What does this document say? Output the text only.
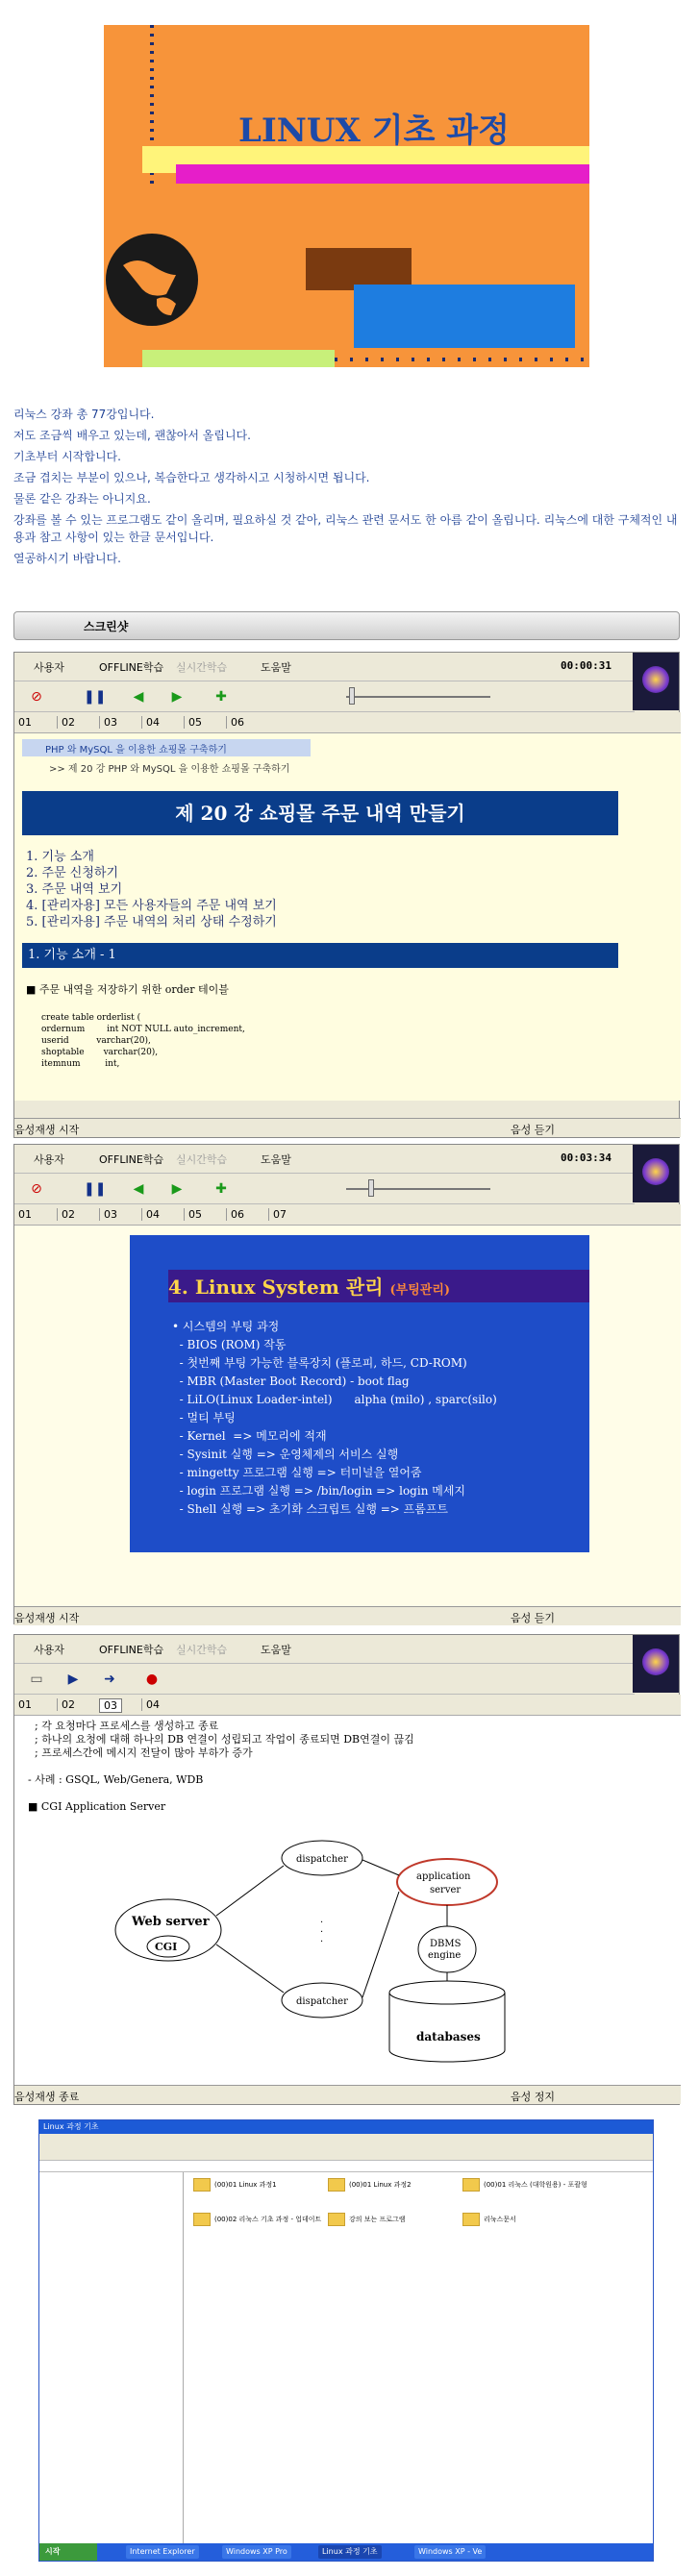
LINUX 기초 과정

리눅스 강좌 총 77강입니다.

저도 조금씩 배우고 있는데, 괜찮아서 올립니다.

기초부터 시작합니다.

조금 겹치는 부분이 있으나, 복습한다고 생각하시고 시청하시면 됩니다.

물론 같은 강좌는 아니지요.

강좌를 볼 수 있는 프로그램도 같이 올리며, 필요하실 것 같아, 리눅스 관련 문서도 한 아름 같이 올립니다. 리눅스에 대한 구체적인 내용과 참고 사항이 있는 한글 문서입니다.

열공하시기 바랍니다.

스크린샷
사용자	OFFLINE학습 실시간학습	도움말	00:00:31
⊘	❚❚ ◀ ▶ ✚
01	02	03	04	05	06
PHP 와 MySQL 을 이용한 쇼핑몰 구축하기
>> 제 20 강 PHP 와 MySQL 을 이용한 쇼핑몰 구축하기
제 20 강 쇼핑몰 주문 내역 만들기
1. 기능 소개
2. 주문 신청하기
3. 주문 내역 보기
4. [관리자용] 모든 사용자들의 주문 내역 보기
5. [관리자용] 주문 내역의 처리 상태 수정하기
1. 기능 소개 - 1
■ 주문 내역을 저장하기 위한 order 테이블
create table orderlist (
ordernum        int NOT NULL auto_increment,
userid          varchar(20),
shoptable       varchar(20),
itemnum         int,
음성재생 시작	음성 듣기
사용자	OFFLINE학습 실시간학습	도움말	00:03:34
⊘	❚❚ ◀ ▶ ✚
01	02	03	04	05	06	07
4. Linux System 관리 (부팅관리)
• 시스템의 부팅 과정
- BIOS (ROM) 작동
- 첫번째 부팅 가능한 블록장치 (플로피, 하드, CD-ROM)
- MBR (Master Boot Record) - boot flag
- LiLO(Linux Loader-intel)      alpha (milo) , sparc(silo)
- 멀티 부팅
- Kernel  => 메모리에 적재
- Sysinit 실행 => 운영체제의 서비스 실행
- mingetty 프로그램 실행 => 터미널을 열어줌
- login 프로그램 실행 => /bin/login => login 메세지
- Shell 실행 => 초기화 스크립트 실행 => 프롬프트
음성재생 시작	음성 듣기
사용자	OFFLINE학습 실시간학습	도움말
▭ ▶ ➜ ●
01	02	03	04
; 각 요청마다 프로세스를 생성하고 종료
; 하나의 요청에 대해 하나의 DB 연결이 성립되고 작업이 종료되면 DB연결이 끊김
; 프로세스간에 메시지 전달이 많아 부하가 증가

- 사례 : GSQL, Web/Genera, WDB

■ CGI Application Server
Web server
CGI
dispatcher
dispatcher
·
·
·
application
server
DBMS
engine
databases
음성재생 종료	음성 정지
Linux 과정 기초
(00)01 Linux 과정1	(00)01 Linux 과정2	(00)01 리눅스 (대학원용) - 포괄형
(00)02 리눅스 기초 과정 - 업데이트	강의 보는 프로그램	리눅스문서
시작	Internet Explorer	Windows XP Pro	Linux 과정 기초	Windows XP - Ve
